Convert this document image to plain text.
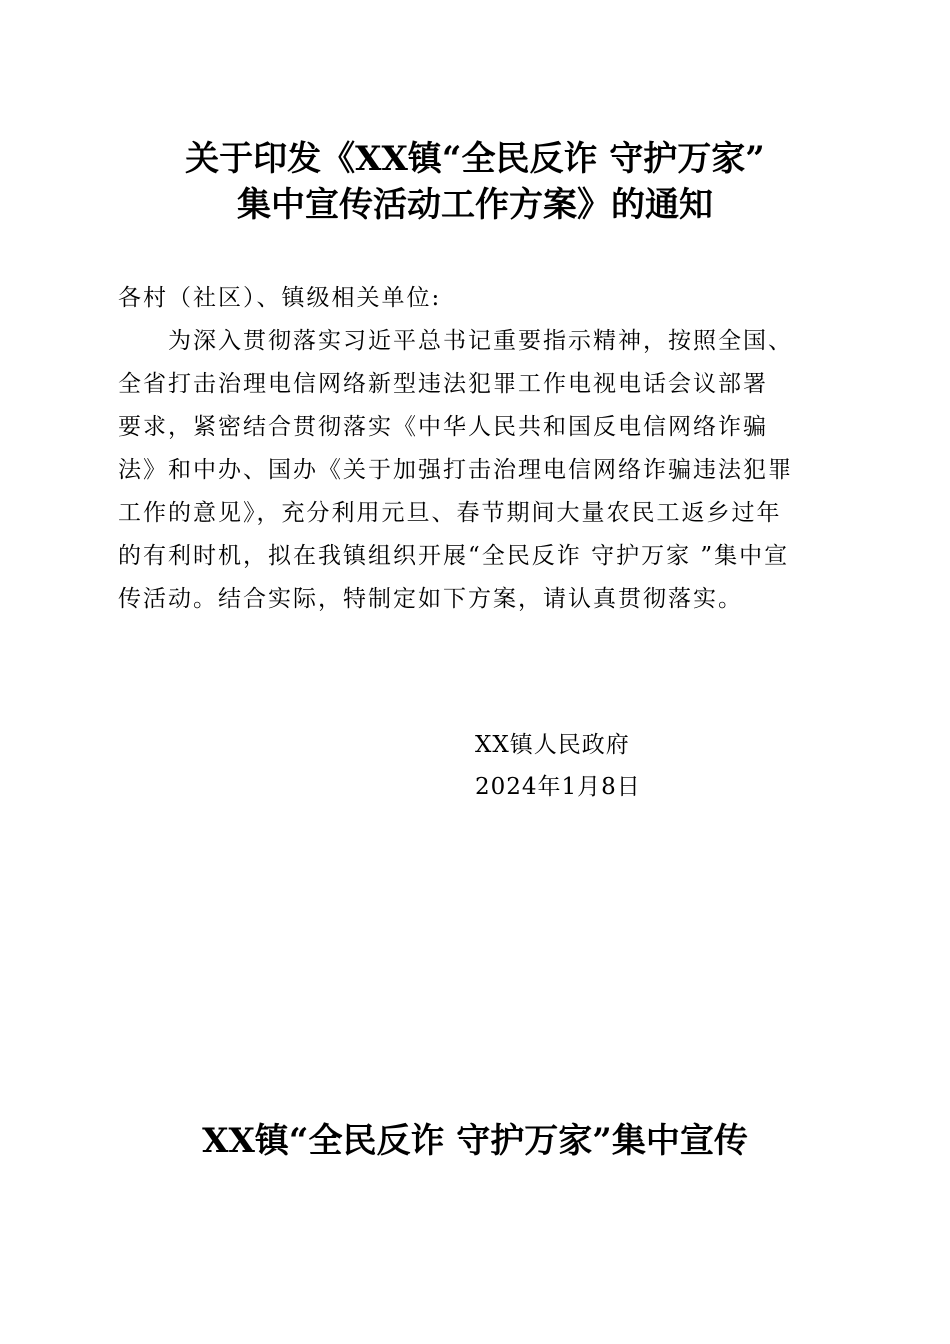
关于印发《XX镇“全民反诈 守护万家”
集中宣传活动工作方案》的通知

各村（社区）、镇级相关单位:

为深入贯彻落实习近平总书记重要指示精神，按照全国、

全省打击治理电信网络新型违法犯罪工作电视电话会议部署

要求，紧密结合贯彻落实《中华人民共和国反电信网络诈骗

法》和中办、国办《关于加强打击治理电信网络诈骗违法犯罪

工作的意见》，充分利用元旦、春节期间大量农民工返乡过年

的有利时机，拟在我镇组织开展“全民反诈 守护万家 ”集中宣

传活动。结合实际，特制定如下方案，请认真贯彻落实。

XX镇人民政府

2024年1月8日

XX镇“全民反诈 守护万家”集中宣传
